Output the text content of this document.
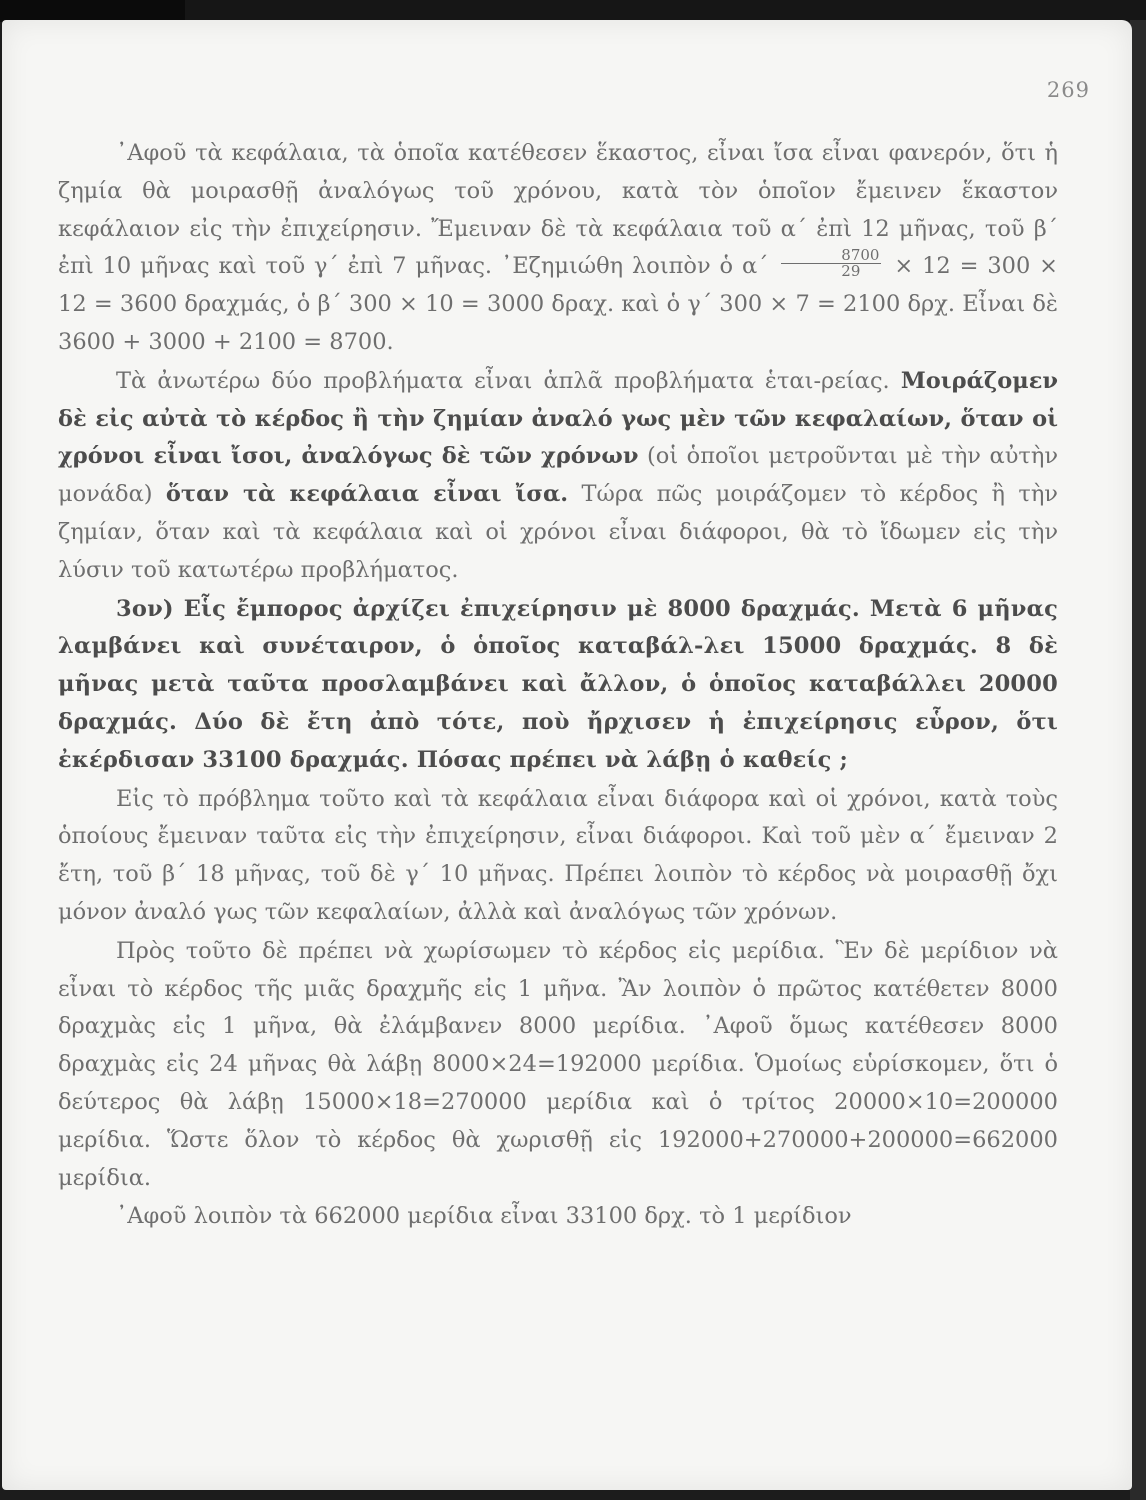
269

᾿Αφοῦ τὰ κεφάλαια, τὰ ὁποῖα κατέθεσεν ἕκαστος, εἶναι ἴσα εἶναι φανερόν, ὅτι ἡ ζημία θὰ μοιρασθῇ ἀναλόγως τοῦ χρόνου, κατὰ τὸν ὁποῖον ἔμεινεν ἕκαστον κεφάλαιον εἰς τὴν ἐπιχείρησιν. Ἔμειναν δὲ τὰ κεφάλαια τοῦ α΄ ἐπὶ 12 μῆνας, τοῦ β΄ ἐπὶ 10 μῆνας καὶ τοῦ γ΄ ἐπὶ 7 μῆνας. ᾿Εζημιώθη λοιπὸν ὁ $\alpha΄ \frac{8700}{29} \times 12 = 300 \times 12 = 3600$ δραχμάς, ὁ β΄ 300 × 10 = 3000 δραχ. καὶ ὁ γ΄ 300 × 7 = 2100 δρχ. Εἶναι δὲ 3600 + 3000 + 2100 = 8700.

Τὰ ἀνωτέρω δύο προβλήματα εἶναι ἁπλᾶ προβλήματα ἑται-ρείας. Μοιράζομεν δὲ εἰς αὐτὰ τὸ κέρδος ἢ τὴν ζημίαν ἀναλό γως μὲν τῶν κεφαλαίων, ὅταν οἱ χρόνοι εἶναι ἴσοι, ἀναλόγως δὲ τῶν χρόνων (οἱ ὁποῖοι μετροῦνται μὲ τὴν αὐτὴν μονάδα) ὅταν τὰ κεφάλαια εἶναι ἴσα. Τώρα πῶς μοιράζομεν τὸ κέρδος ἢ τὴν ζημίαν, ὅταν καὶ τὰ κεφάλαια καὶ οἱ χρόνοι εἶναι διάφοροι, θὰ τὸ ἴδωμεν εἰς τὴν λύσιν τοῦ κατωτέρω προβλήματος.

3ον) Εἷς ἔμπορος ἀρχίζει ἐπιχείρησιν μὲ 8000 δραχμάς. Μετὰ 6 μῆνας λαμβάνει καὶ συνέταιρον, ὁ ὁποῖος καταβάλ-λει 15000 δραχμάς. 8 δὲ μῆνας μετὰ ταῦτα προσλαμβάνει καὶ ἄλλον, ὁ ὁποῖος καταβάλλει 20000 δραχμάς. Δύο δὲ ἔτη ἀπὸ τότε, ποὺ ἤρχισεν ἡ ἐπιχείρησις εὗρον, ὅτι ἐκέρδισαν 33100 δραχμάς. Πόσας πρέπει νὰ λάβῃ ὁ καθείς ;

Εἰς τὸ πρόβλημα τοῦτο καὶ τὰ κεφάλαια εἶναι διάφορα καὶ οἱ χρόνοι, κατὰ τοὺς ὁποίους ἔμειναν ταῦτα εἰς τὴν ἐπιχείρησιν, εἶναι διάφοροι. Καὶ τοῦ μὲν α΄ ἔμειναν 2 ἔτη, τοῦ β΄ 18 μῆνας, τοῦ δὲ γ΄ 10 μῆνας. Πρέπει λοιπὸν τὸ κέρδος νὰ μοιρασθῇ ὄχι μόνον ἀναλό γως τῶν κεφαλαίων, ἀλλὰ καὶ ἀναλόγως τῶν χρόνων.

Πρὸς τοῦτο δὲ πρέπει νὰ χωρίσωμεν τὸ κέρδος εἰς μερίδια. Ἓν δὲ μερίδιον νὰ εἶναι τὸ κέρδος τῆς μιᾶς δραχμῆς εἰς 1 μῆνα. Ἂν λοιπὸν ὁ πρῶτος κατέθετεν 8000 δραχμὰς εἰς 1 μῆνα, θὰ ἐλάμβανεν 8000 μερίδια. ᾿Αφοῦ ὅμως κατέθεσεν 8000 δραχμὰς εἰς 24 μῆνας θὰ λάβῃ 8000×24=192000 μερίδια. Ὁμοίως εὑρίσκομεν, ὅτι ὁ δεύτερος θὰ λάβῃ 15000×18=270000 μερίδια καὶ ὁ τρίτος 20000×10=200000 μερίδια. Ὥστε ὅλον τὸ κέρδος θὰ χωρισθῇ εἰς 192000+270000+200000=662000 μερίδια.

᾿Αφοῦ λοιπὸν τὰ 662000 μερίδια εἶναι 33100 δρχ. τὸ 1 μερίδιον
